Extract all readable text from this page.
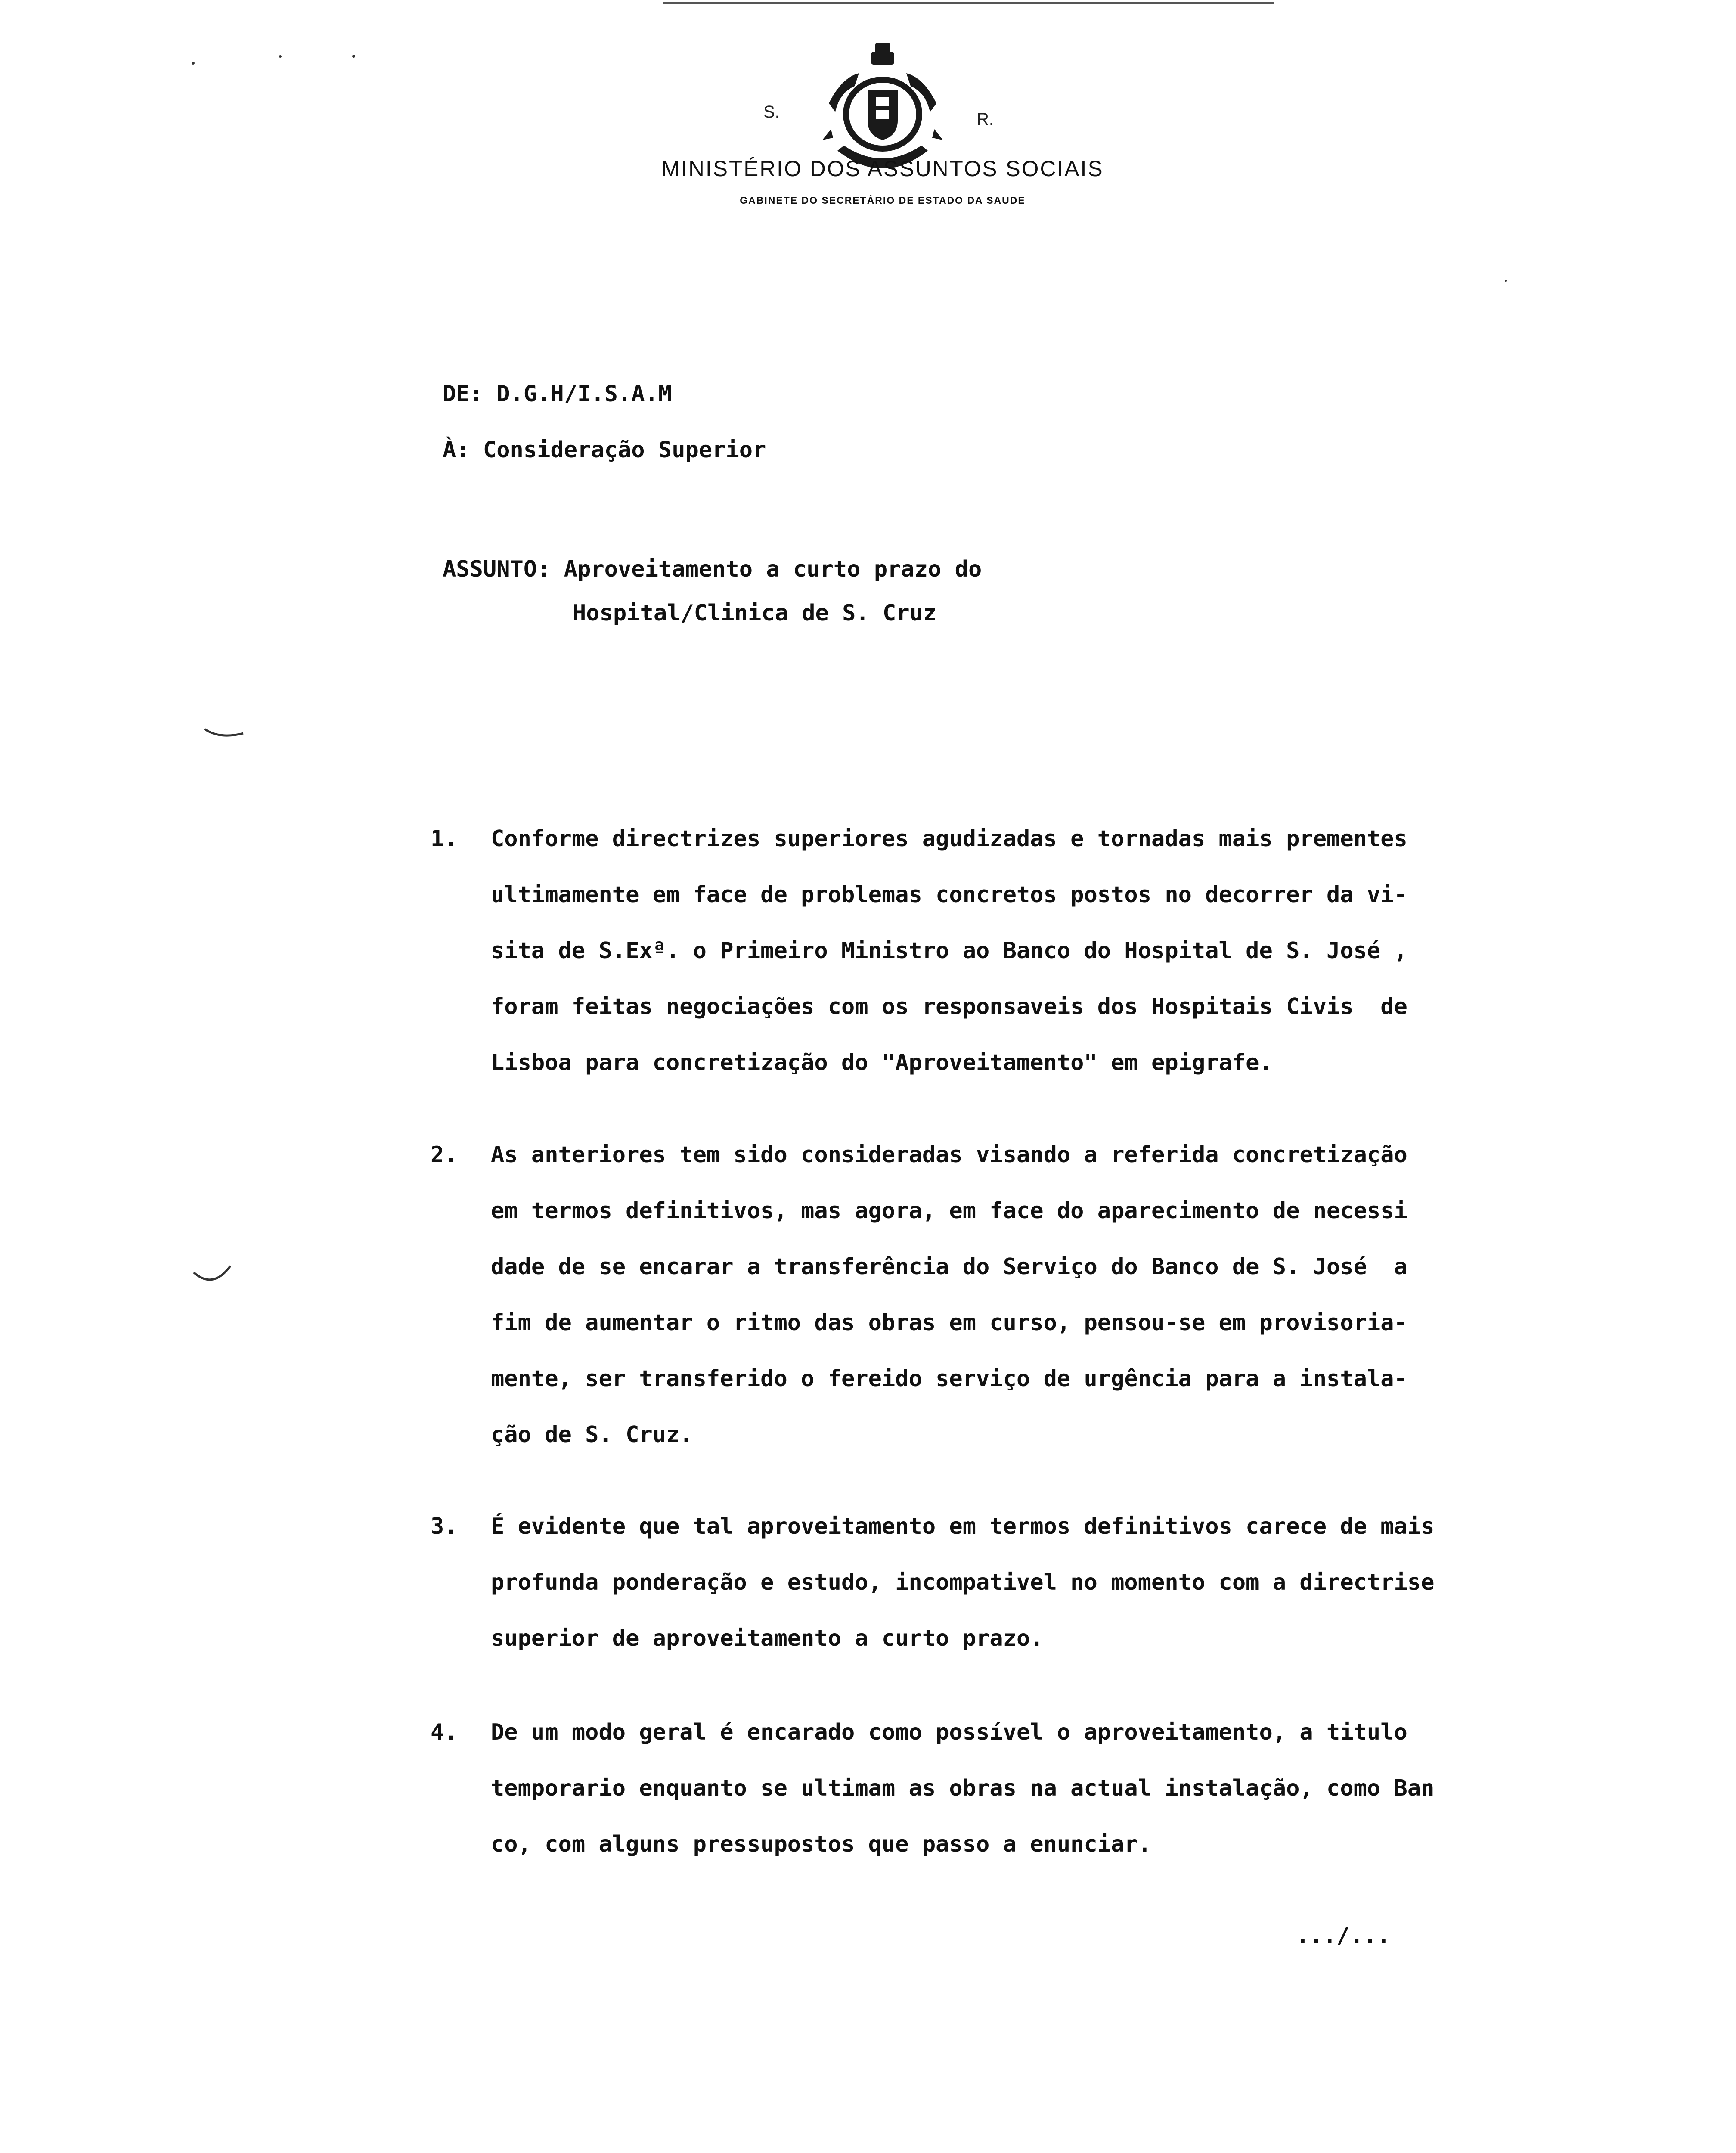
S.	R.
MINISTÉRIO DOS ASSUNTOS SOCIAIS
GABINETE DO SECRETÁRIO DE ESTADO DA SAUDE
DE: D.G.H/I.S.A.M
À: Consideração Superior
ASSUNTO: Aproveitamento a curto prazo do
Hospital/Clinica de S. Cruz

1.

Conforme directrizes superiores agudizadas e tornadas mais prementes

ultimamente em face de problemas concretos postos no decorrer da vi-

sita de S.Exª. o Primeiro Ministro ao Banco do Hospital de S. José ,

foram feitas negociações com os responsaveis dos Hospitais Civis  de

Lisboa para concretização do "Aproveitamento" em epigrafe.

2.

As anteriores tem sido consideradas visando a referida concretização

em termos definitivos, mas agora, em face do aparecimento de necessi

dade de se encarar a transferência do Serviço do Banco de S. José  a

fim de aumentar o ritmo das obras em curso, pensou-se em provisoria-

mente, ser transferido o fereido serviço de urgência para a instala-

ção de S. Cruz.

3.

É evidente que tal aproveitamento em termos definitivos carece de mais

profunda ponderação e estudo, incompativel no momento com a directrise

superior de aproveitamento a curto prazo.

4.

De um modo geral é encarado como possível o aproveitamento, a titulo

temporario enquanto se ultimam as obras na actual instalação, como Ban

co, com alguns pressupostos que passo a enunciar.

.../...
